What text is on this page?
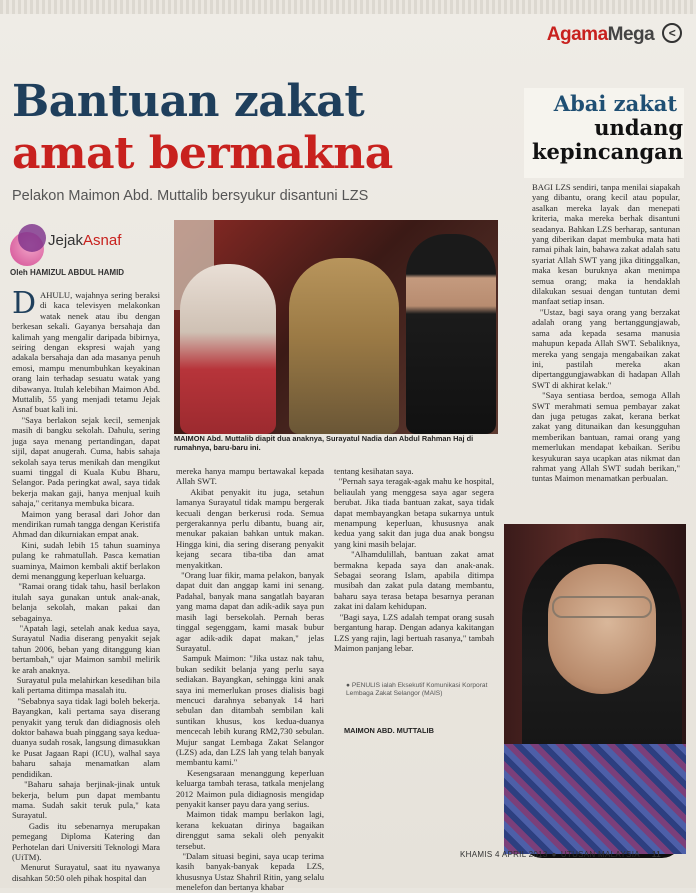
AgamaMega <
Bantuan zakat
amat bermakna
Pelakon Maimon Abd. Muttalib bersyukur disantuni LZS
JejakAsnaf
Oleh HAMIZUL ABDUL HAMID
MAIMON Abd. Muttalib diapit dua anaknya, Surayatul Nadia dan Abdul Rahman Haj di rumahnya, baru-baru ini.
Abai zakat
undang
kepincangan
DAHULU, wajahnya sering beraksi di kaca televisyen melakonkan watak nenek atau ibu dengan berkesan sekali. Gayanya bersahaja dan kalimah yang mengalir daripada bibirnya, seiring dengan ekspresi wajah yang adakala bersahaja dan ada masanya penuh emosi, mampu menumbuhkan keyakinan orang lain terhadap sesuatu watak yang dibawanya. Itulah kelebihan Maimon Abd. Muttalib, 55 yang menjadi tetamu Jejak Asnaf buat kali ini.
"Saya berlakon sejak kecil, semenjak masih di bangku sekolah. Dahulu, sering juga saya menang pertandingan, dapat sijil, dapat anugerah. Cuma, habis sahaja sekolah saya terus menikah dan mengikut suami tinggal di Kuala Kubu Bharu, Selangor. Pada peringkat awal, saya tidak bekerja makan gaji, hanya menjual kuih sahaja," ceritanya membuka bicara.
Maimon yang berasal dari Johor dan mendirikan rumah tangga dengan Keristifa Ahmad dan dikurniakan empat anak.
Kini, sudah lebih 15 tahun suaminya pulang ke rahmatullah. Pasca kematian suaminya, Maimon kembali aktif berlakon demi menanggung keperluan keluarga.
"Ramai orang tidak tahu, hasil berlakon itulah saya gunakan untuk anak-anak, belanja sekolah, makan pakai dan sebagainya.
"Apatah lagi, setelah anak kedua saya, Surayatul Nadia diserang penyakit sejak tahun 2006, beban yang ditanggung kian bertambah," ujar Maimon sambil melirik ke arah anaknya.
Surayatul pula melahirkan kesedihan bila kali pertama ditimpa masalah itu.
"Sebabnya saya tidak lagi boleh bekerja. Bayangkan, kali pertama saya diserang penyakit yang teruk dan didiagnosis oleh doktor bahawa buah pinggang saya kedua-duanya sudah rosak, langsung dimasukkan ke Pusat Jagaan Rapi (ICU), walhal saya baharu sahaja menamatkan alam pendidikan.
"Baharu sahaja berjinak-jinak untuk bekerja, belum pun dapat membantu mama. Sudah sakit teruk pula," kata Surayatul.
Gadis itu sebenarnya merupakan pemegang Diploma Katering dan Perhotelan dari Universiti Teknologi Mara (UiTM).
Menurut Surayatul, saat itu nyawanya disahkan 50:50 oleh pihak hospital dan
mereka hanya mampu bertawakal kepada Allah SWT.
Akibat penyakit itu juga, setahun lamanya Surayatul tidak mampu bergerak kecuali dengan berkerusi roda. Semua pergerakannya perlu dibantu, buang air, menukar pakaian bahkan untuk makan. Hingga kini, dia sering diserang penyakit kejang secara tiba-tiba dan amat menyakitkan.
"Orang luar fikir, mama pelakon, banyak dapat duit dan anggap kami ini senang. Padahal, banyak mana sangatlah bayaran yang mama dapat dan adik-adik saya pun masih lagi bersekolah. Pernah beras tinggal segenggam, kami masak bubur agar adik-adik dapat makan," jelas Surayatul.
Sampuk Maimon: "Jika ustaz nak tahu, bukan sedikit belanja yang perlu saya sediakan. Bayangkan, sehingga kini anak saya ini memerlukan proses dialisis bagi mencuci darahnya sebanyak 14 hari sebulan dan ditambah sembilan kali suntikan khusus, kos kedua-duanya mencecah lebih kurang RM2,730 sebulan. Mujur sangat Lembaga Zakat Selangor (LZS) ada, dan LZS lah yang telah banyak membantu kami."
Kesengsaraan menanggung keperluan keluarga tambah terasa, tatkala menjelang 2012 Maimon pula didiagnosis mengidap penyakit kanser payu dara yang serius.
Maimon tidak mampu berlakon lagi, kerana kekuatan dirinya bagaikan direnggut sama sekali oleh penyakit tersebut.
"Dalam situasi begini, saya ucap terima kasih banyak-banyak kepada LZS, khususnya Ustaz Shahril Ritin, yang selalu menelefon dan bertanya khabar
tentang kesihatan saya.
"Pernah saya teragak-agak mahu ke hospital, beliaulah yang menggesa saya agar segera berubat. Jika tiada bantuan zakat, saya tidak dapat membayangkan betapa sukarnya untuk menampung keperluan, khususnya anak kedua yang sakit dan juga dua anak bongsu yang kini masih belajar.
"Alhamdulillah, bantuan zakat amat bermakna kepada saya dan anak-anak. Sebagai seorang Islam, apabila ditimpa musibah dan zakat pula datang membantu, baharu saya terasa betapa besarnya peranan zakat ini dalam kehidupan.
"Bagi saya, LZS adalah tempat orang susah bergantung harap. Dengan adanya kakitangan LZS yang rajin, lagi bertuah rasanya," tambah Maimon panjang lebar.
● PENULIS ialah Eksekutif Komunikasi Korporat Lembaga Zakat Selangor (MAIS)
BAGI LZS sendiri, tanpa menilai siapakah yang dibantu, orang kecil atau popular, asalkan mereka layak dan menepati kriteria, maka mereka berhak disantuni seadanya. Bahkan LZS berharap, santunan yang diberikan dapat membuka mata hati ramai pihak lain, bahawa zakat adalah satu syariat Allah SWT yang jika ditinggalkan, maka kesan buruknya akan menimpa semua orang; maka ia hendaklah dilakukan sesuai dengan tuntutan demi manfaat setiap insan.
"Ustaz, bagi saya orang yang berzakat adalah orang yang bertanggungjawab, sama ada kepada sesama manusia mahupun kepada Allah SWT. Sebaliknya, mereka yang sengaja mengabaikan zakat ini, pastilah mereka akan dipertanggungjawabkan di hadapan Allah SWT di akhirat kelak."
"Saya sentiasa berdoa, semoga Allah SWT merahmati semua pembayar zakat dan juga petugas zakat, kerana berkat zakat yang ditunaikan dan kesungguhan memberikan bantuan, ramai orang yang memerlukan mendapat kebaikan. Seribu kesyukuran saya ucapkan atas nikmat dan rahmat yang Allah SWT sudah berikan," tuntas Maimon menamatkan perbualan.
MAIMON ABD. MUTTALIB
KHAMIS 4 APRIL 2013 ● UTUSAN MALAYSIA 11
